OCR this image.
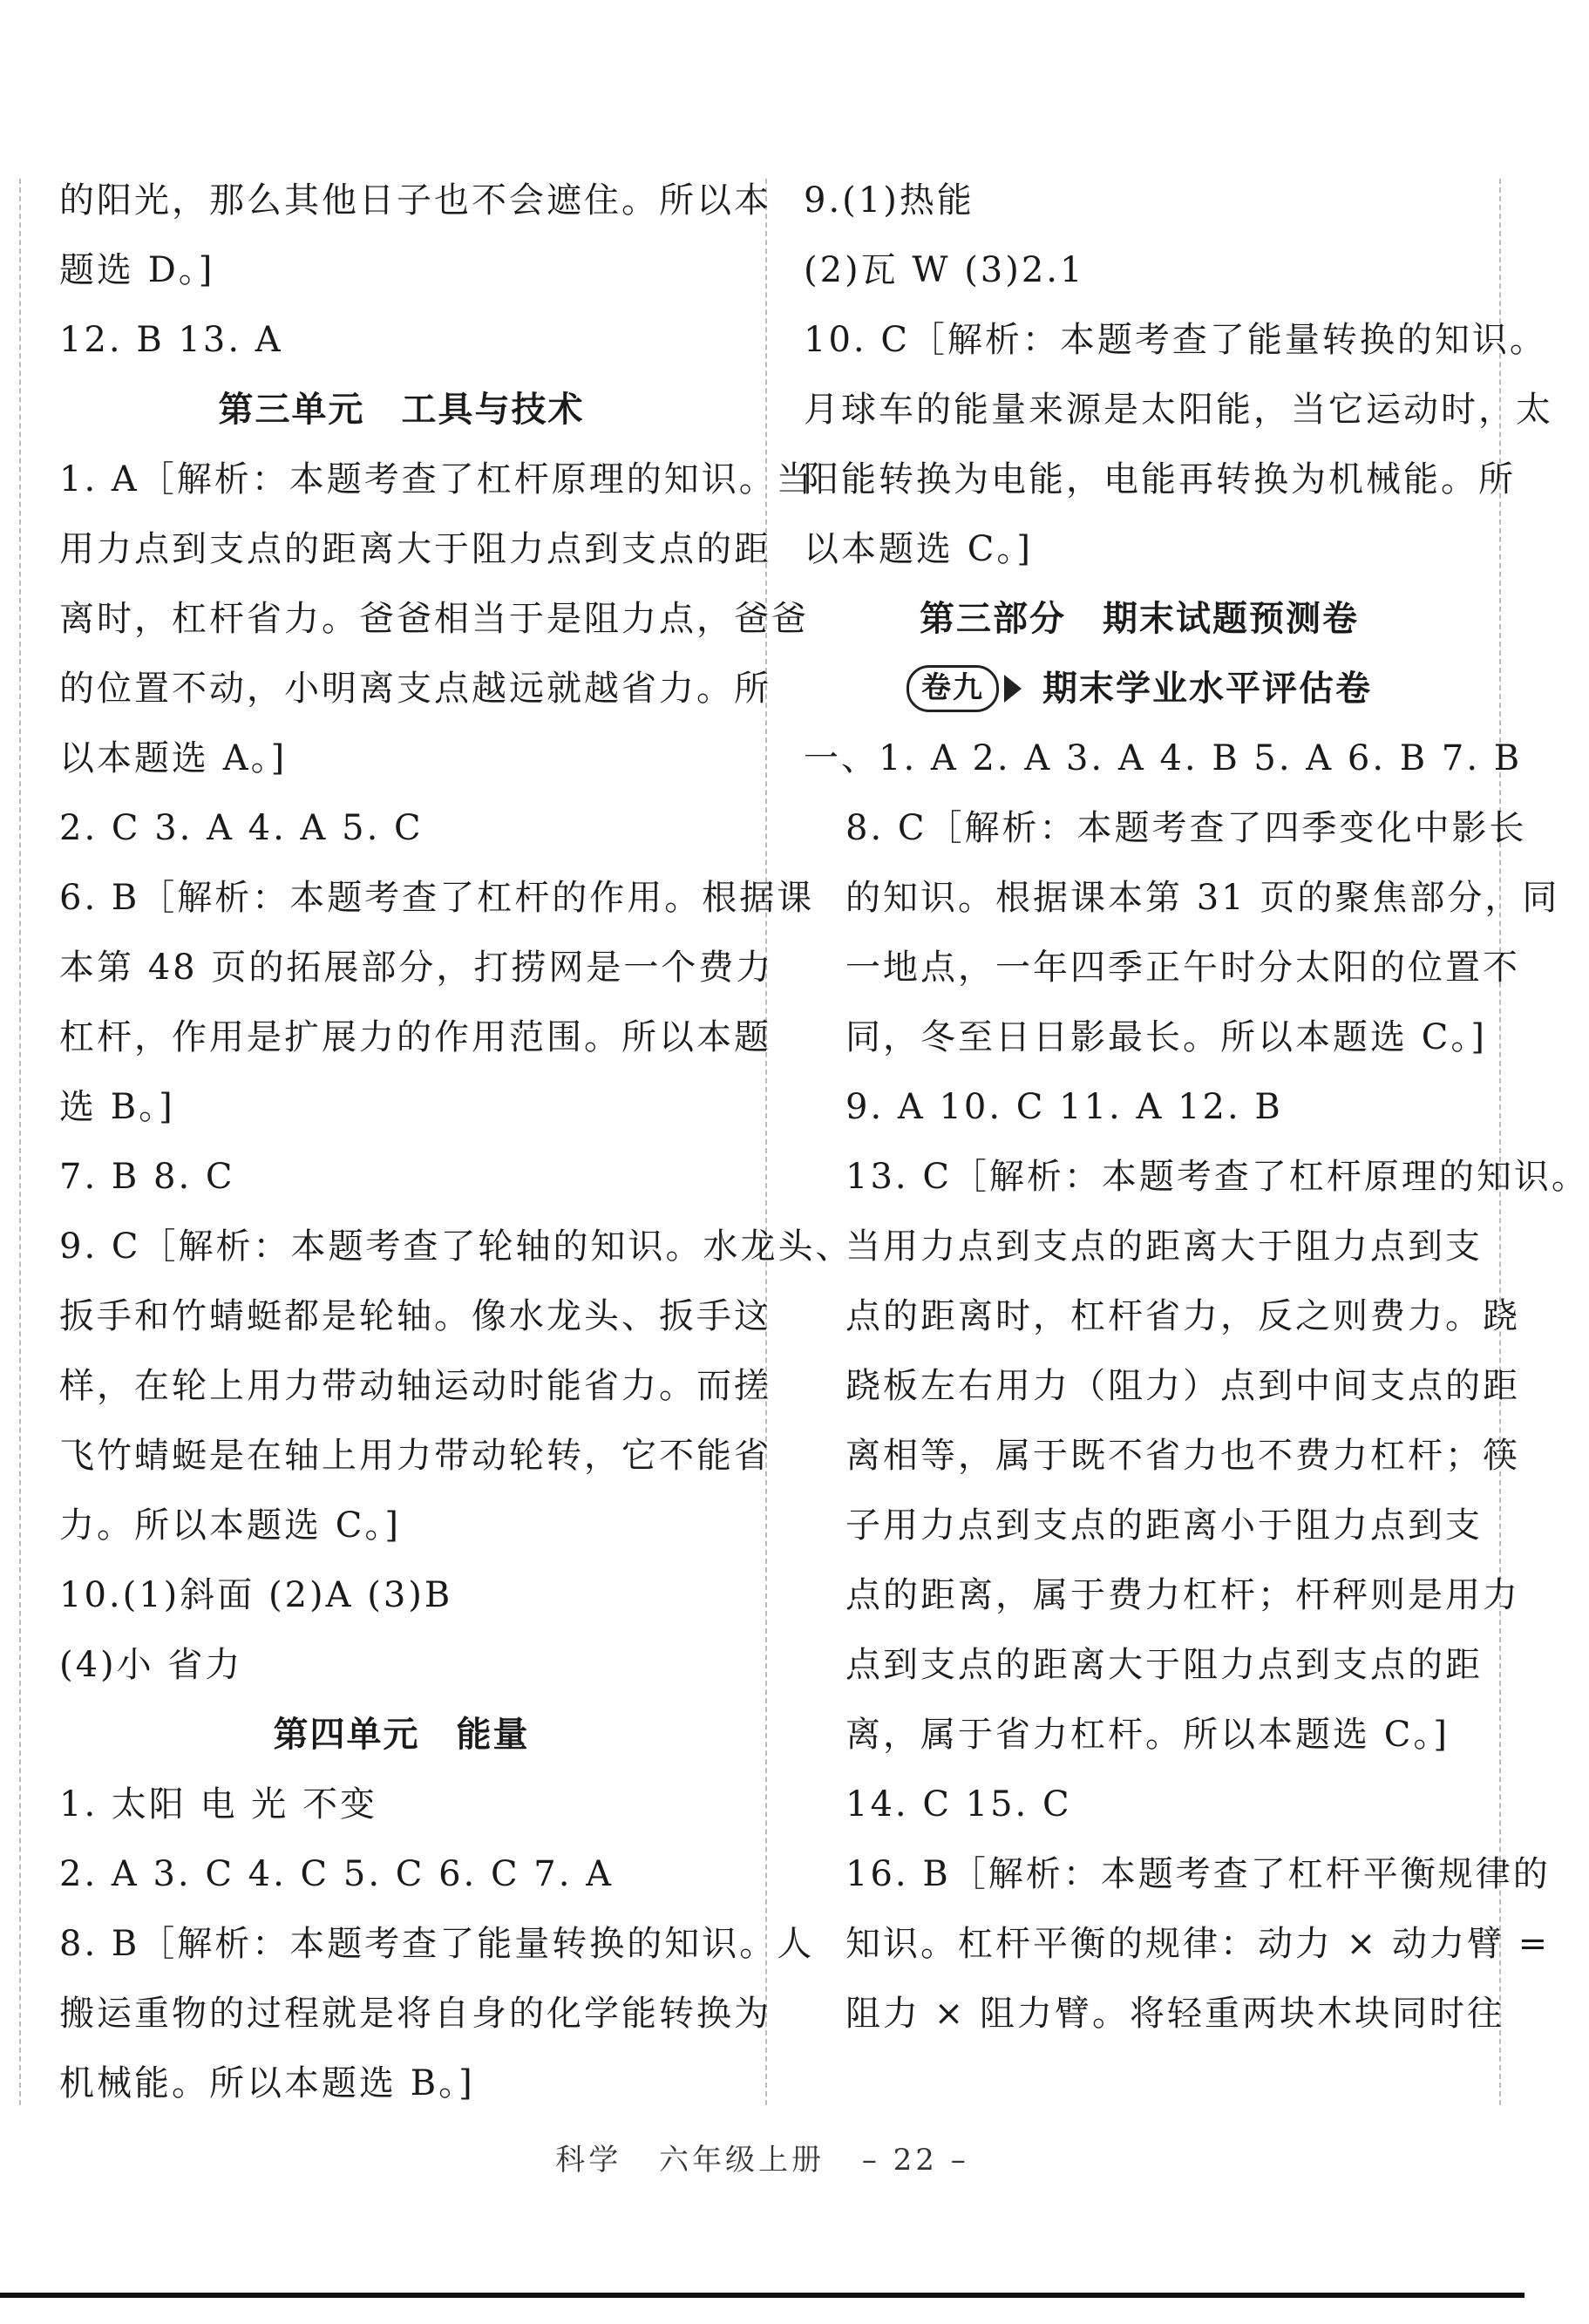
的阳光，那么其他日子也不会遮住。所以本
题选 D。]
12. B 13. A
第三单元　工具与技术
1. A［解析：本题考查了杠杆原理的知识。当
用力点到支点的距离大于阻力点到支点的距
离时，杠杆省力。爸爸相当于是阻力点，爸爸
的位置不动，小明离支点越远就越省力。所
以本题选 A。]
2. C 3. A 4. A 5. C
6. B［解析：本题考查了杠杆的作用。根据课
本第 48 页的拓展部分，打捞网是一个费力
杠杆，作用是扩展力的作用范围。所以本题
选 B。]
7. B 8. C
9. C［解析：本题考查了轮轴的知识。水龙头、
扳手和竹蜻蜓都是轮轴。像水龙头、扳手这
样，在轮上用力带动轴运动时能省力。而搓
飞竹蜻蜓是在轴上用力带动轮转，它不能省
力。所以本题选 C。]
10.(1)斜面 (2)A (3)B
(4)小 省力
第四单元　能量
1. 太阳 电 光 不变
2. A 3. C 4. C 5. C 6. C 7. A
8. B［解析：本题考查了能量转换的知识。人
搬运重物的过程就是将自身的化学能转换为
机械能。所以本题选 B。]
9.(1)热能
(2)瓦 W (3)2.1
10. C［解析：本题考查了能量转换的知识。
月球车的能量来源是太阳能，当它运动时，太
阳能转换为电能，电能再转换为机械能。所
以本题选 C。]
第三部分　期末试题预测卷
卷九	期末学业水平评估卷
一、1. A 2. A 3. A 4. B 5. A 6. B 7. B
8. C［解析：本题考查了四季变化中影长
的知识。根据课本第 31 页的聚焦部分，同
一地点，一年四季正午时分太阳的位置不
同，冬至日日影最长。所以本题选 C。]
9. A 10. C 11. A 12. B
13. C［解析：本题考查了杠杆原理的知识。
当用力点到支点的距离大于阻力点到支
点的距离时，杠杆省力，反之则费力。跷
跷板左右用力（阻力）点到中间支点的距
离相等，属于既不省力也不费力杠杆；筷
子用力点到支点的距离小于阻力点到支
点的距离，属于费力杠杆；杆秤则是用力
点到支点的距离大于阻力点到支点的距
离，属于省力杠杆。所以本题选 C。]
14. C 15. C
16. B［解析：本题考查了杠杆平衡规律的
知识。杠杆平衡的规律：动力 × 动力臂 =
阻力 × 阻力臂。将轻重两块木块同时往
科学 六年级上册 – 22 –
